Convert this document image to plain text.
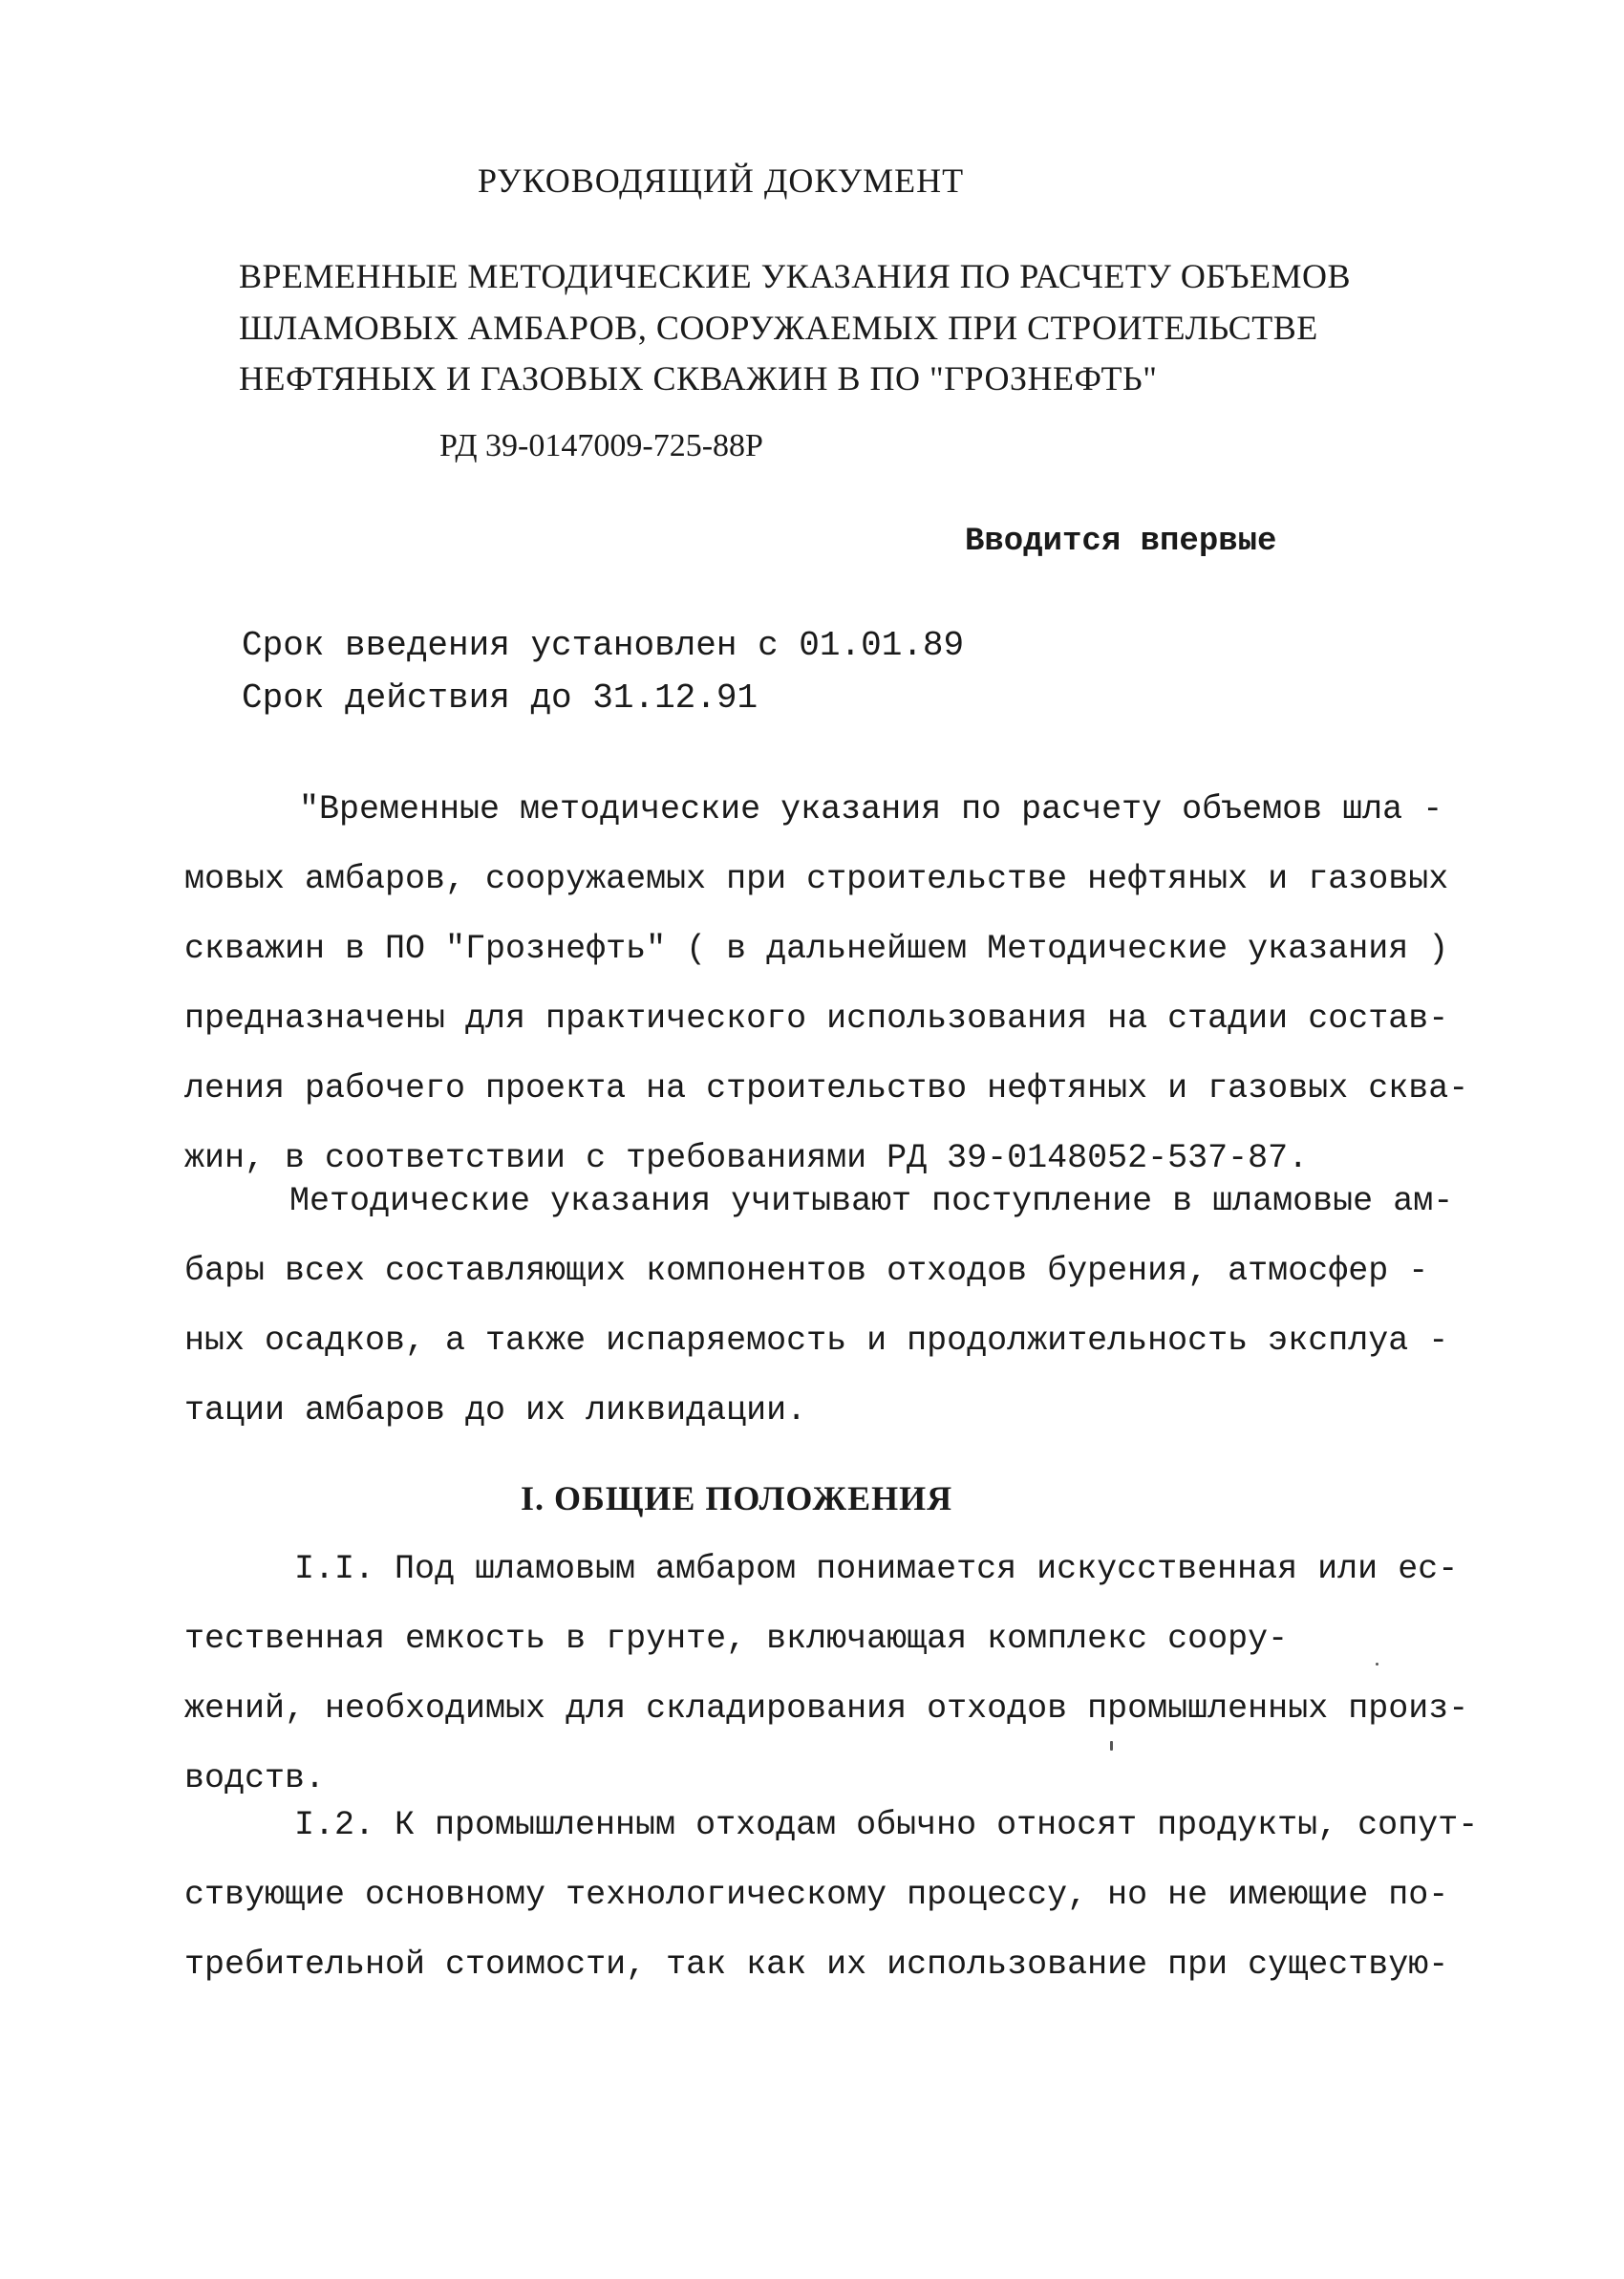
РУКОВОДЯЩИЙ ДОКУМЕНТ
ВРЕМЕННЫЕ МЕТОДИЧЕСКИЕ УКАЗАНИЯ ПО РАСЧЕТУ ОБЪЕМОВ
ШЛАМОВЫХ АМБАРОВ, СООРУЖАЕМЫХ ПРИ СТРОИТЕЛЬСТВЕ
НЕФТЯНЫХ И ГАЗОВЫХ СКВАЖИН В ПО "ГРОЗНЕФТЬ"
РД 39-0147009-725-88Р
Вводится впервые
Срок введения установлен с 01.01.89
Срок действия до 31.12.91
"Временные методические указания по расчету объемов шла -
мовых амбаров, сооружаемых при строительстве нефтяных и газовых
скважин в ПО "Грознефть" ( в дальнейшем Методические указания )
предназначены для практического использования на стадии состав-
ления рабочего проекта на строительство нефтяных и газовых сква-
жин, в соответствии с требованиями РД 39-0148052-537-87.
Методические указания учитывают поступление в шламовые ам-
бары всех составляющих компонентов отходов бурения, атмосфер -
ных осадков, а также испаряемость и продолжительность эксплуа -
тации амбаров до их ликвидации.
I. ОБЩИЕ ПОЛОЖЕНИЯ
I.I. Под шламовым амбаром понимается искусственная или ес-
тественная емкость в грунте, включающая комплекс соору-
жений, необходимых для складирования отходов промышленных произ-
водств.
I.2. К промышленным отходам обычно относят продукты, сопут-
ствующие основному технологическому процессу, но не имеющие по-
требительной стоимости, так как их использование при существую-
